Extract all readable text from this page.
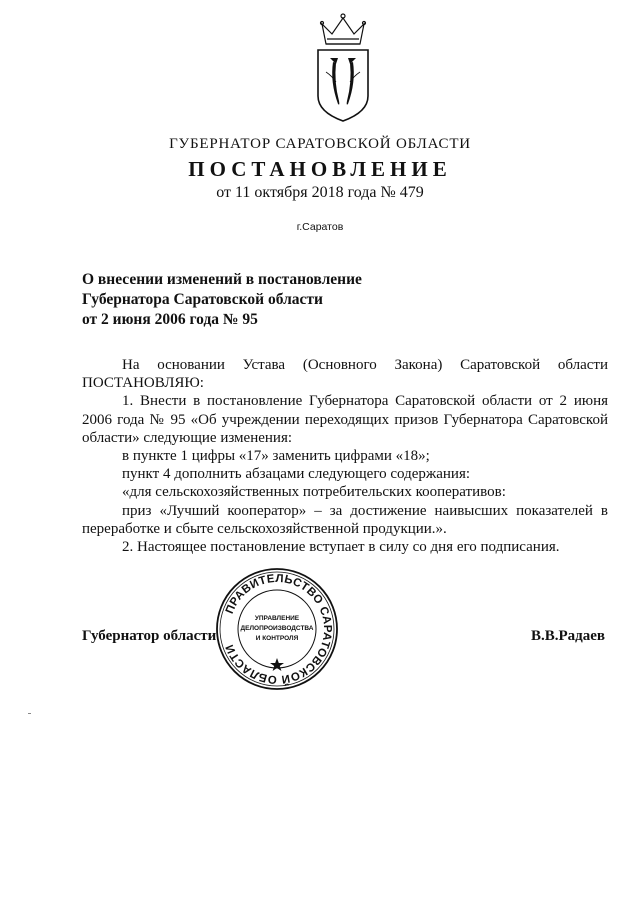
ГУБЕРНАТОР САРАТОВСКОЙ ОБЛАСТИ
ПОСТАНОВЛЕНИЕ
от 11 октября 2018 года № 479
г.Саратов
О внесении изменений в постановление
Губернатора Саратовской области
от 2 июня 2006 года № 95

На основании Устава (Основного Закона) Саратовской области

ПОСТАНОВЛЯЮ:

1. Внести в постановление Губернатора Саратовской области от 2 июня 2006 года № 95 «Об учреждении переходящих призов Губернатора Саратовской области» следующие изменения:

в пункте 1 цифры «17» заменить цифрами «18»;

пункт 4 дополнить абзацами следующего содержания:

«для сельскохозяйственных потребительских кооперативов:

приз «Лучший кооператор» – за достижение наивысших показателей в переработке и сбыте сельскохозяйственной продукции.».

2. Настоящее постановление вступает в силу со дня его подписания.

ПРАВИТЕЛЬСТВО САРАТОВСКОЙ ОБЛАСТИ
УПРАВЛЕНИЕ
ДЕЛОПРОИЗВОДСТВА
И КОНТРОЛЯ
Губернатор области	В.В.Радаев
